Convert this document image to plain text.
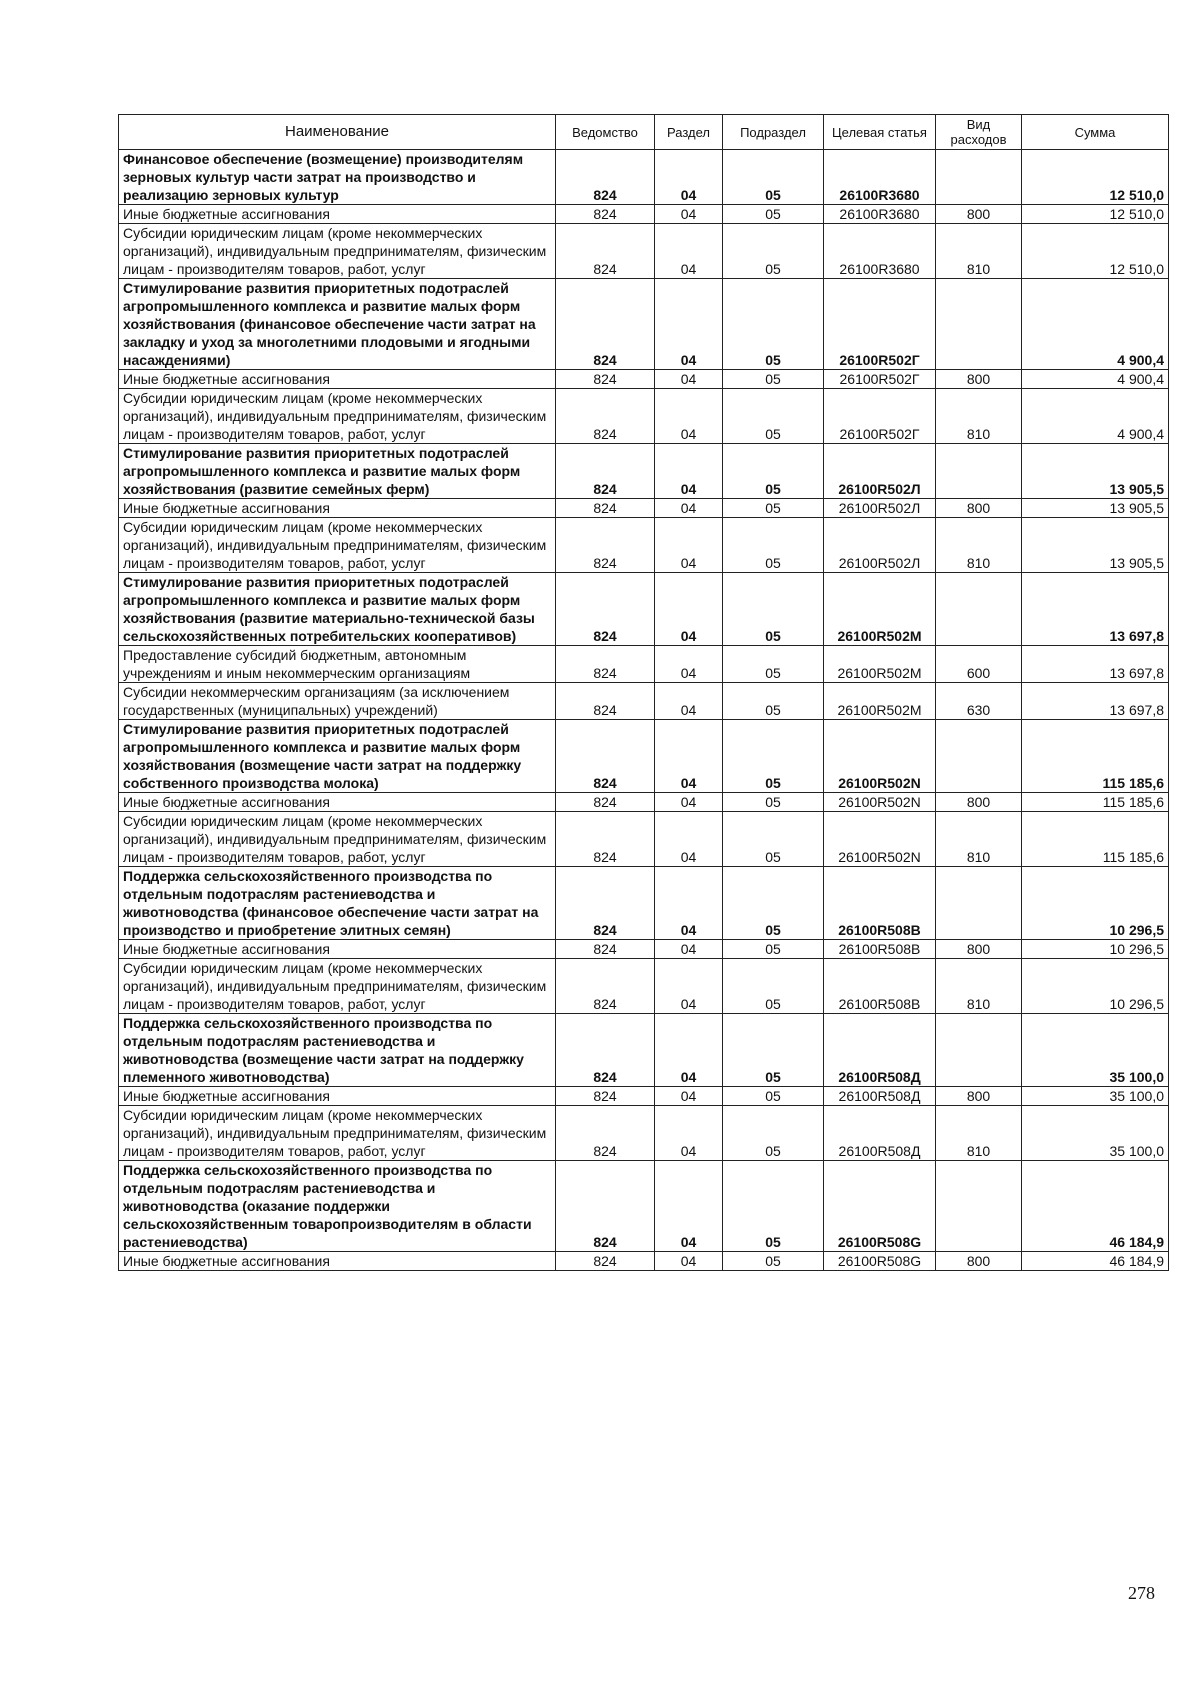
Наименование	Ведомство	Раздел	Подраздел	Целевая статья	Вид расходов	Сумма
Финансовое обеспечение (возмещение) производителям зерновых культур части затрат на производство и реализацию зерновых культур	824	04	05	26100R3680		12 510,0
Иные бюджетные ассигнования	824	04	05	26100R3680	800	12 510,0
Субсидии юридическим лицам (кроме некоммерческих организаций), индивидуальным предпринимателям, физическим лицам - производителям товаров, работ, услуг	824	04	05	26100R3680	810	12 510,0
Стимулирование развития приоритетных подотраслей агропромышленного комплекса и развитие малых форм хозяйствования (финансовое обеспечение части затрат на закладку и уход за многолетними плодовыми и ягодными насаждениями)	824	04	05	26100R502Г		4 900,4
Иные бюджетные ассигнования	824	04	05	26100R502Г	800	4 900,4
Субсидии юридическим лицам (кроме некоммерческих организаций), индивидуальным предпринимателям, физическим лицам - производителям товаров, работ, услуг	824	04	05	26100R502Г	810	4 900,4
Стимулирование развития приоритетных подотраслей агропромышленного комплекса и развитие малых форм хозяйствования (развитие семейных ферм)	824	04	05	26100R502Л		13 905,5
Иные бюджетные ассигнования	824	04	05	26100R502Л	800	13 905,5
Субсидии юридическим лицам (кроме некоммерческих организаций), индивидуальным предпринимателям, физическим лицам - производителям товаров, работ, услуг	824	04	05	26100R502Л	810	13 905,5
Стимулирование развития приоритетных подотраслей агропромышленного комплекса и развитие малых форм хозяйствования (развитие материально-технической базы сельскохозяйственных потребительских кооперативов)	824	04	05	26100R502M		13 697,8
Предоставление субсидий бюджетным, автономным учреждениям и иным некоммерческим организациям	824	04	05	26100R502M	600	13 697,8
Субсидии некоммерческим организациям (за исключением государственных (муниципальных) учреждений)	824	04	05	26100R502M	630	13 697,8
Стимулирование развития приоритетных подотраслей агропромышленного комплекса и развитие малых форм хозяйствования (возмещение части затрат на поддержку собственного производства молока)	824	04	05	26100R502N		115 185,6
Иные бюджетные ассигнования	824	04	05	26100R502N	800	115 185,6
Субсидии юридическим лицам (кроме некоммерческих организаций), индивидуальным предпринимателям, физическим лицам - производителям товаров, работ, услуг	824	04	05	26100R502N	810	115 185,6
Поддержка сельскохозяйственного производства по отдельным подотраслям растениеводства и животноводства (финансовое обеспечение части затрат на производство и приобретение элитных семян)	824	04	05	26100R508B		10 296,5
Иные бюджетные ассигнования	824	04	05	26100R508B	800	10 296,5
Субсидии юридическим лицам (кроме некоммерческих организаций), индивидуальным предпринимателям, физическим лицам - производителям товаров, работ, услуг	824	04	05	26100R508B	810	10 296,5
Поддержка сельскохозяйственного производства по отдельным подотраслям растениеводства и животноводства (возмещение части затрат на поддержку племенного животноводства)	824	04	05	26100R508Д		35 100,0
Иные бюджетные ассигнования	824	04	05	26100R508Д	800	35 100,0
Субсидии юридическим лицам (кроме некоммерческих организаций), индивидуальным предпринимателям, физическим лицам - производителям товаров, работ, услуг	824	04	05	26100R508Д	810	35 100,0
Поддержка сельскохозяйственного производства по отдельным подотраслям растениеводства и животноводства (оказание поддержки сельскохозяйственным товаропроизводителям в области растениеводства)	824	04	05	26100R508G		46 184,9
Иные бюджетные ассигнования	824	04	05	26100R508G	800	46 184,9
278
